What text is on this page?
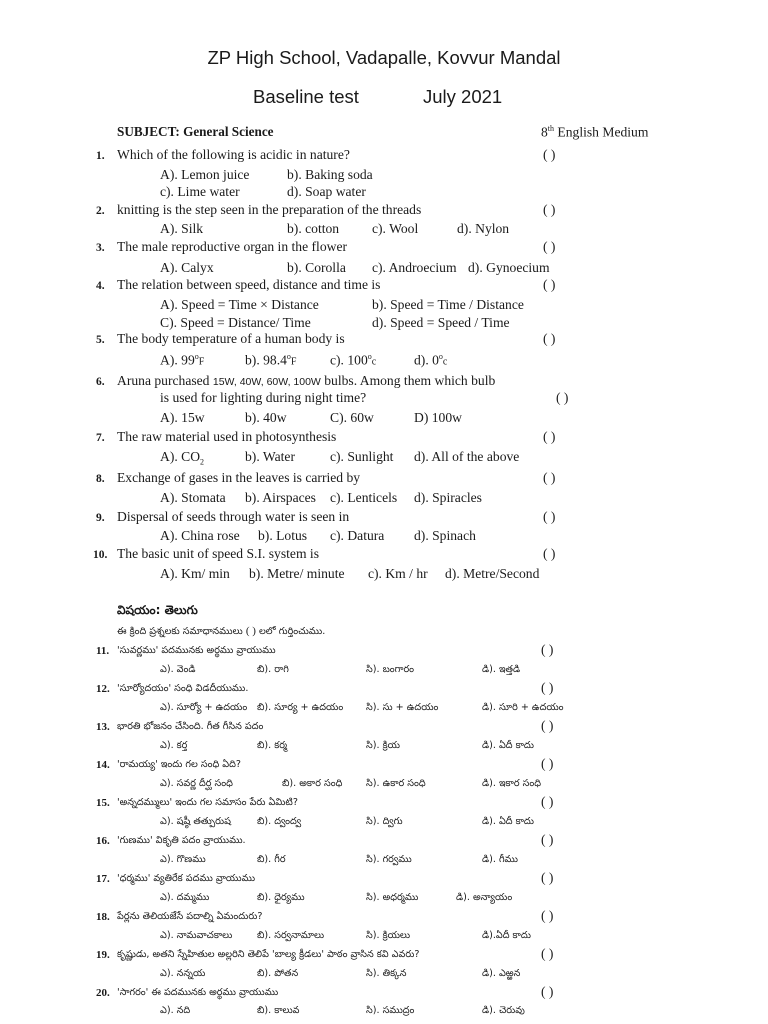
ZP High School, Vadapalle, Kovvur Mandal
Baseline test	July 2021
SUBJECT: General Science	8th English Medium
1. Which of the following is acidic in nature?	( )
A). Lemon juice	b). Baking soda
c). Lime water	d). Soap water
2. knitting is the step seen in the preparation of the threads	( )
A). Silk	b). cotton c). Wool	d). Nylon
3. The male reproductive organ in the flower	( )
A). Calyx	b). Corolla c). Androecium d). Gynoecium
4. The relation between speed, distance and time is	( )
A). Speed = Time × Distance	b). Speed = Time / Distance
C). Speed = Distance/ Time	d). Speed = Speed / Time
5. The body temperature of a human body is	( )
A). 99$^o$F	b). 98.4$^o$F c). 100$^o$c	d). 0$^o$c
6. Aruna purchased 15W, 40W, 60W, 100W bulbs. Among them which bulb
is used for lighting during night time?	( )
A). 15w	b). 40w	C). 60w	D) 100w
7. The raw material used in photosynthesis	( )
A). $CO_2$	b). Water	c). Sunlight d). All of the above
8. Exchange of gases in the leaves is carried by	( )
A). Stomata b). Airspaces c). Lenticels d). Spiracles
9. Dispersal of seeds through water is seen in	( )
A). China rose b). Lotus c). Datura d). Spinach
10. The basic unit of speed S.I. system is	( )
A). Km/ min b). Metre/ minute c). Km / hr d). Metre/Second
విషయం: తెలుగు
ఈ క్రింది ప్రశ్నలకు సమాధానములు ( ) లలో గుర్తించుము.
11. 'సువర్ణము' పదమునకు అర్థము వ్రాయుము	( )
ఎ). వెండి	బి). రాగి	సి). బంగారం	డి). ఇత్తడి
12. 'సూర్యోదయం' సంధి విడదీయుము.	( )
ఎ). సూర్యో + ఉదయం బి). సూర్య + ఉదయం సి). సు + ఉదయం	డి). సూరి + ఉదయం
13. భారతి భోజనం చేసింది. గీత గీసిన పదం	( )
ఎ). కర్త	బి). కర్మ	సి). క్రియ	డి). ఏదీ కాదు
14. 'రామయ్య' ఇందు గల సంధి ఏది?	( )
ఎ). సవర్ణ దీర్ఘ సంధి	బి). అకార సంధి సి). ఉకార సంధి	డి). ఇకార సంధి
15. 'అన్నదమ్ములు' ఇందు గల సమాసం పేరు ఏమిటి?	( )
ఎ). షష్ఠీ తత్పురుష	బి). ద్వంద్వ	సి). ద్విగు	డి). ఏదీ కాదు
16. 'గుణము' వికృతి పదం వ్రాయుము.	( )
ఎ). గొణము	బి). గీర	సి). గర్వము	డి). గీము
17. 'ధర్మము' వ్యతిరేక పదము వ్రాయుము	( )
ఎ). దమ్మము	బి). ధైర్యము	సి). అధర్మము	డి). అన్యాయం
18. పేర్లను తెలియజేసే పదాల్ని ఏమందురు?	( )
ఎ). నామవాచకాలు	బి). సర్వనామాలు	సి). క్రియలు	డి).ఏదీ కాదు
19. కృష్ణుడు, అతని స్నేహితుల అల్లరిని తెలిపే 'బాల్య క్రీడలు' పాఠం వ్రాసిన కవి ఎవరు?	( )
ఎ). నన్నయ	బి). పోతన	సి). తిక్కన	డి). ఎఱ్ఱన
20. 'సాగరం' ఈ పదమునకు అర్థము వ్రాయుము	( )
ఎ). నది	బి). కాలువ	సి). సముద్రం	డి). చెరువు
